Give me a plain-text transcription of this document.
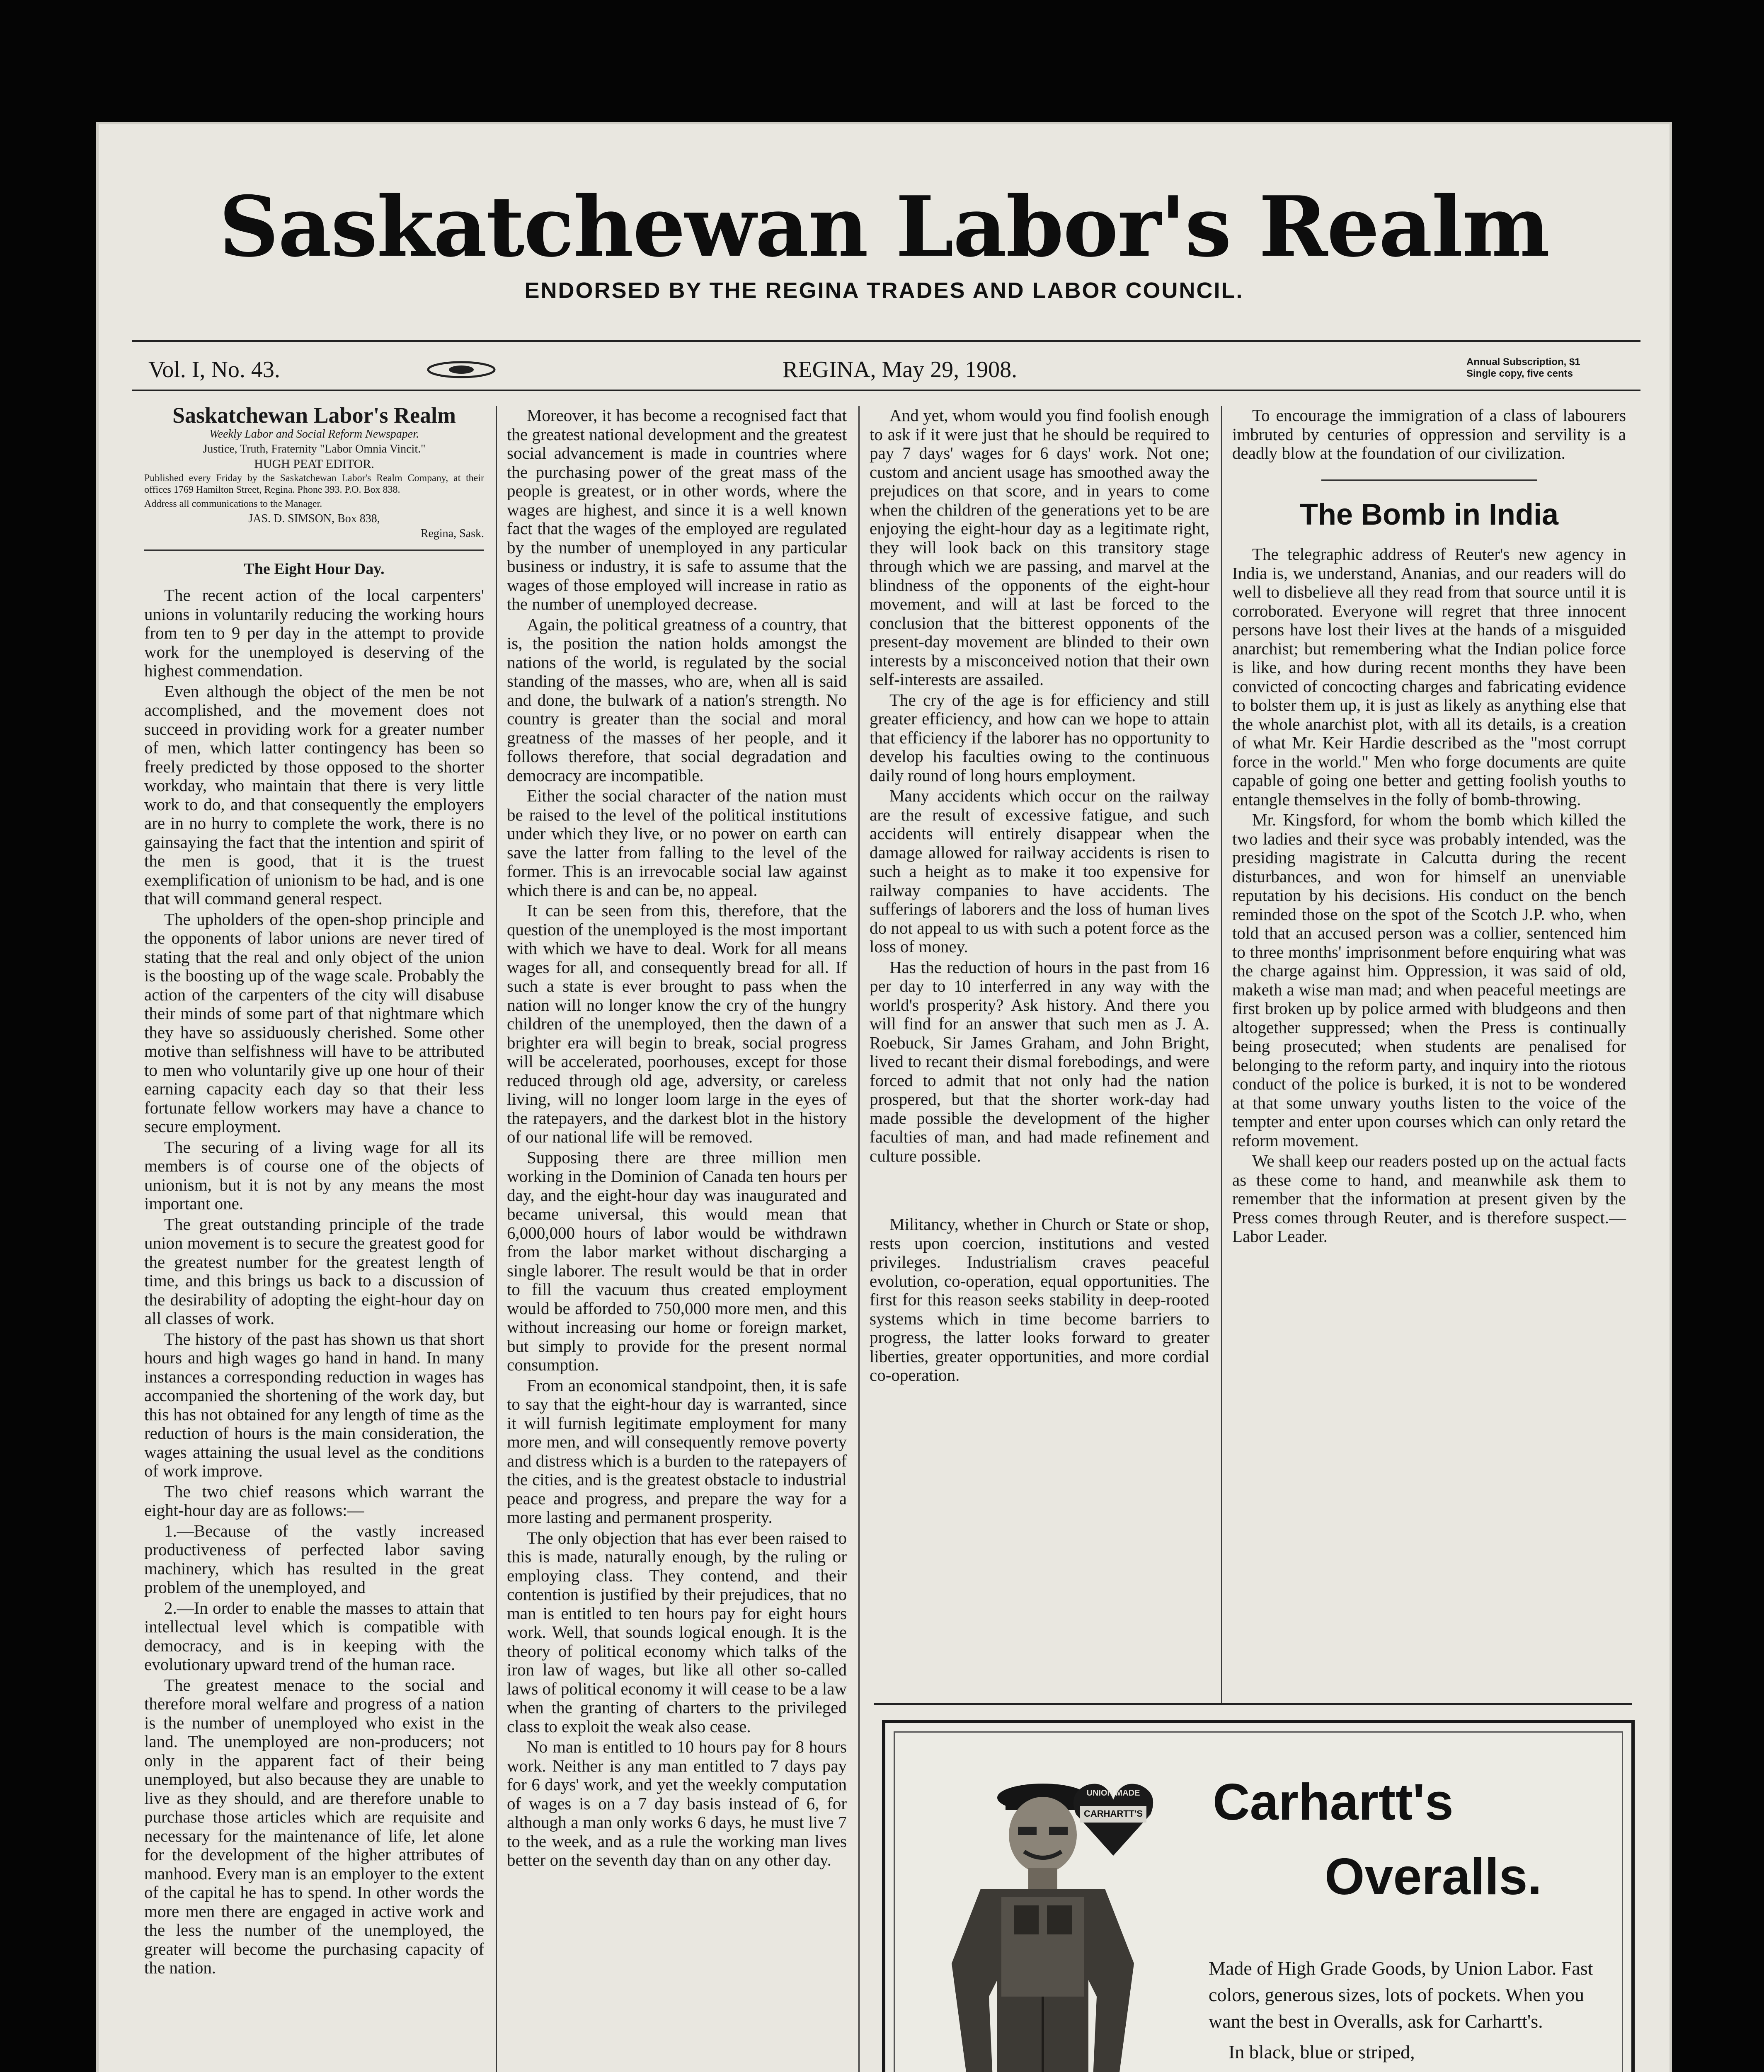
Saskatchewan Labor's Realm
ENDORSED BY THE REGINA TRADES AND LABOR COUNCIL.
Vol. I, No. 43.	REGINA, May 29, 1908.	Annual Subscription, $1
Single copy, five cents
Saskatchewan Labor's Realm

Weekly Labor and Social Reform Newspaper.

Justice, Truth, Fraternity "Labor Omnia Vincit."

HUGH PEAT EDITOR.

Published every Friday by the Saskatchewan Labor's Realm Company, at their offices 1769 Hamilton Street, Regina. Phone 393. P.O. Box 838.

Address all communications to the Manager.

JAS. D. SIMSON, Box 838,

Regina, Sask.

The Eight Hour Day.

The recent action of the local carpenters' unions in voluntarily reducing the working hours from ten to 9 per day in the attempt to provide work for the unemployed is deserving of the highest commendation.

Even although the object of the men be not accomplished, and the movement does not succeed in providing work for a greater number of men, which latter contingency has been so freely predicted by those opposed to the shorter workday, who maintain that there is very little work to do, and that consequently the employers are in no hurry to complete the work, there is no gainsaying the fact that the intention and spirit of the men is good, that it is the truest exemplification of unionism to be had, and is one that will command general respect.

The upholders of the open-shop principle and the opponents of labor unions are never tired of stating that the real and only object of the union is the boosting up of the wage scale. Probably the action of the carpenters of the city will disabuse their minds of some part of that nightmare which they have so assiduously cherished. Some other motive than selfishness will have to be attributed to men who voluntarily give up one hour of their earning capacity each day so that their less fortunate fellow workers may have a chance to secure employment.

The securing of a living wage for all its members is of course one of the objects of unionism, but it is not by any means the most important one.

The great outstanding principle of the trade union movement is to secure the greatest good for the greatest number for the greatest length of time, and this brings us back to a discussion of the desirability of adopting the eight-hour day on all classes of work.

The history of the past has shown us that short hours and high wages go hand in hand. In many instances a corresponding reduction in wages has accompanied the shortening of the work day, but this has not obtained for any length of time as the reduction of hours is the main consideration, the wages attaining the usual level as the conditions of work improve.

The two chief reasons which warrant the eight-hour day are as follows:—

1.—Because of the vastly increased productiveness of perfected labor saving machinery, which has resulted in the great problem of the unemployed, and

2.—In order to enable the masses to attain that intellectual level which is compatible with democracy, and is in keeping with the evolutionary upward trend of the human race.

The greatest menace to the social and therefore moral welfare and progress of a nation is the number of unemployed who exist in the land. The unemployed are non-producers; not only in the apparent fact of their being unemployed, but also because they are unable to live as they should, and are therefore unable to purchase those articles which are requisite and necessary for the maintenance of life, let alone for the development of the higher attributes of manhood. Every man is an employer to the extent of the capital he has to spend. In other words the more men there are engaged in active work and the less the number of the unemployed, the greater will become the purchasing capacity of the nation.

Moreover, it has become a recognised fact that the greatest national development and the greatest social advancement is made in countries where the purchasing power of the great mass of the people is greatest, or in other words, where the wages are highest, and since it is a well known fact that the wages of the employed are regulated by the number of unemployed in any particular business or industry, it is safe to assume that the wages of those employed will increase in ratio as the number of unemployed decrease.

Again, the political greatness of a country, that is, the position the nation holds amongst the nations of the world, is regulated by the social standing of the masses, who are, when all is said and done, the bulwark of a nation's strength. No country is greater than the social and moral greatness of the masses of her people, and it follows therefore, that social degradation and democracy are incompatible.

Either the social character of the nation must be raised to the level of the political institutions under which they live, or no power on earth can save the latter from falling to the level of the former. This is an irrevocable social law against which there is and can be, no appeal.

It can be seen from this, therefore, that the question of the unemployed is the most important with which we have to deal. Work for all means wages for all, and consequently bread for all. If such a state is ever brought to pass when the nation will no longer know the cry of the hungry children of the unemployed, then the dawn of a brighter era will begin to break, social progress will be accelerated, poorhouses, except for those reduced through old age, adversity, or careless living, will no longer loom large in the eyes of the ratepayers, and the darkest blot in the history of our national life will be removed.

Supposing there are three million men working in the Dominion of Canada ten hours per day, and the eight-hour day was inaugurated and became universal, this would mean that 6,000,000 hours of labor would be withdrawn from the labor market without discharging a single laborer. The result would be that in order to fill the vacuum thus created employment would be afforded to 750,000 more men, and this without increasing our home or foreign market, but simply to provide for the present normal consumption.

From an economical standpoint, then, it is safe to say that the eight-hour day is warranted, since it will furnish legitimate employment for many more men, and will consequently remove poverty and distress which is a burden to the ratepayers of the cities, and is the greatest obstacle to industrial peace and progress, and prepare the way for a more lasting and permanent prosperity.

The only objection that has ever been raised to this is made, naturally enough, by the ruling or employing class. They contend, and their contention is justified by their prejudices, that no man is entitled to ten hours pay for eight hours work. Well, that sounds logical enough. It is the theory of political economy which talks of the iron law of wages, but like all other so-called laws of political economy it will cease to be a law when the granting of charters to the privileged class to exploit the weak also cease.

No man is entitled to 10 hours pay for 8 hours work. Neither is any man entitled to 7 days pay for 6 days' work, and yet the weekly computation of wages is on a 7 day basis instead of 6, for although a man only works 6 days, he must live 7 to the week, and as a rule the working man lives better on the seventh day than on any other day.

And yet, whom would you find foolish enough to ask if it were just that he should be required to pay 7 days' wages for 6 days' work. Not one; custom and ancient usage has smoothed away the prejudices on that score, and in years to come when the children of the generations yet to be are enjoying the eight-hour day as a legitimate right, they will look back on this transitory stage through which we are passing, and marvel at the blindness of the opponents of the eight-hour movement, and will at last be forced to the conclusion that the bitterest opponents of the present-day movement are blinded to their own interests by a misconceived notion that their own self-interests are assailed.

The cry of the age is for efficiency and still greater efficiency, and how can we hope to attain that efficiency if the laborer has no opportunity to develop his faculties owing to the continuous daily round of long hours employment.

Many accidents which occur on the railway are the result of excessive fatigue, and such accidents will entirely disappear when the damage allowed for railway accidents is risen to such a height as to make it too expensive for railway companies to have accidents. The sufferings of laborers and the loss of human lives do not appeal to us with such a potent force as the loss of money.

Has the reduction of hours in the past from 16 per day to 10 interferred in any way with the world's prosperity? Ask history. And there you will find for an answer that such men as J. A. Roebuck, Sir James Graham, and John Bright, lived to recant their dismal forebodings, and were forced to admit that not only had the nation prospered, but that the shorter work-day had made possible the development of the higher faculties of man, and had made refinement and culture possible.

Militancy, whether in Church or State or shop, rests upon coercion, institutions and vested privileges. Industrialism craves peaceful evolution, co-operation, equal opportunities. The first for this reason seeks stability in deep-rooted systems which in time become barriers to progress, the latter looks forward to greater liberties, greater opportunities, and more cordial co-operation.

To encourage the immigration of a class of labourers imbruted by centuries of oppression and servility is a deadly blow at the foundation of our civilization.

The Bomb in India

The telegraphic address of Reuter's new agency in India is, we understand, Ananias, and our readers will do well to disbelieve all they read from that source until it is corroborated. Everyone will regret that three innocent persons have lost their lives at the hands of a misguided anarchist; but remembering what the Indian police force is like, and how during recent months they have been convicted of concocting charges and fabricating evidence to bolster them up, it is just as likely as anything else that the whole anarchist plot, with all its details, is a creation of what Mr. Keir Hardie described as the "most corrupt force in the world." Men who forge documents are quite capable of going one better and getting foolish youths to entangle themselves in the folly of bomb-throwing.

Mr. Kingsford, for whom the bomb which killed the two ladies and their syce was probably intended, was the presiding magistrate in Calcutta during the recent disturbances, and won for himself an unenviable reputation by his decisions. His conduct on the bench reminded those on the spot of the Scotch J.P. who, when told that an accused person was a collier, sentenced him to three months' imprisonment before enquiring what was the charge against him. Oppression, it was said of old, maketh a wise man mad; and when peaceful meetings are first broken up by police armed with bludgeons and then altogether suppressed; when the Press is continually being prosecuted; when students are penalised for belonging to the reform party, and inquiry into the riotous conduct of the police is burked, it is not to be wondered at that some unwary youths listen to the voice of the tempter and enter upon courses which can only retard the reform movement.

We shall keep our readers posted up on the actual facts as these come to hand, and meanwhile ask them to remember that the information at present given by the Press comes through Reuter, and is therefore suspect.—Labor Leader.

UNION MADE
CARHARTT'S	Carhartt's
Overalls.
Made of High Grade Goods, by Union Labor. Fast colors, generous sizes, lots of pockets. When you want the best in Overalls, ask for Carhartt's.
In black, blue or striped,
